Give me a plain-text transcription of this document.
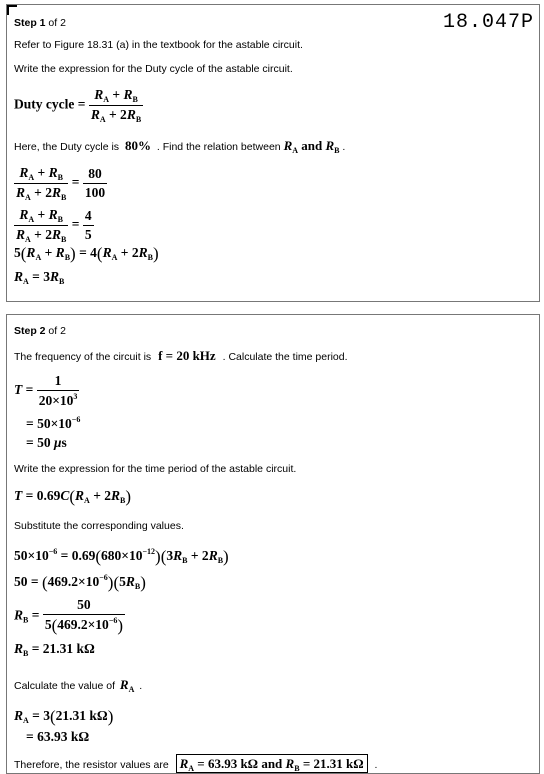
18.047P
Step 1 of 2
Refer to Figure 18.31 (a) in the textbook for the astable circuit.
Write the expression for the Duty cycle of the astable circuit.
Duty cycle = $\frac{R_A + R_B}{R_A + 2R_B}$
Here, the Duty cycle is 80% . Find the relation between $R_A$ and $R_B$ .
$\frac{R_A + R_B}{R_A + 2R_B} = \frac{80}{100}$
$\frac{R_A + R_B}{R_A + 2R_B} = \frac{4}{5}$
$5(R_A + R_B) = 4(R_A + 2R_B)$
$R_A = 3R_B$
Step 2 of 2
The frequency of the circuit is f = 20 kHz . Calculate the time period.
$T = \frac{1}{20\times 10^3}$
= $50\times 10^{-6}$
= 50 μs
Write the expression for the time period of the astable circuit.
$T = 0.69C(R_A + 2R_B)$
Substitute the corresponding values.
$50\times 10^{-6} = 0.69(680\times 10^{-12})(3R_B + 2R_B)$
$50 = (469.2\times 10^{-6})(5R_B)$
$R_B = \frac{50}{5(469.2\times 10^{-6})}$
$R_B = 21.31$ kΩ
Calculate the value of $R_A$ .
$R_A = 3(21.31$ kΩ)
= 63.93 kΩ
Therefore, the resistor values are $R_A = 63.93$ kΩ and $R_B = 21.31$ kΩ .
